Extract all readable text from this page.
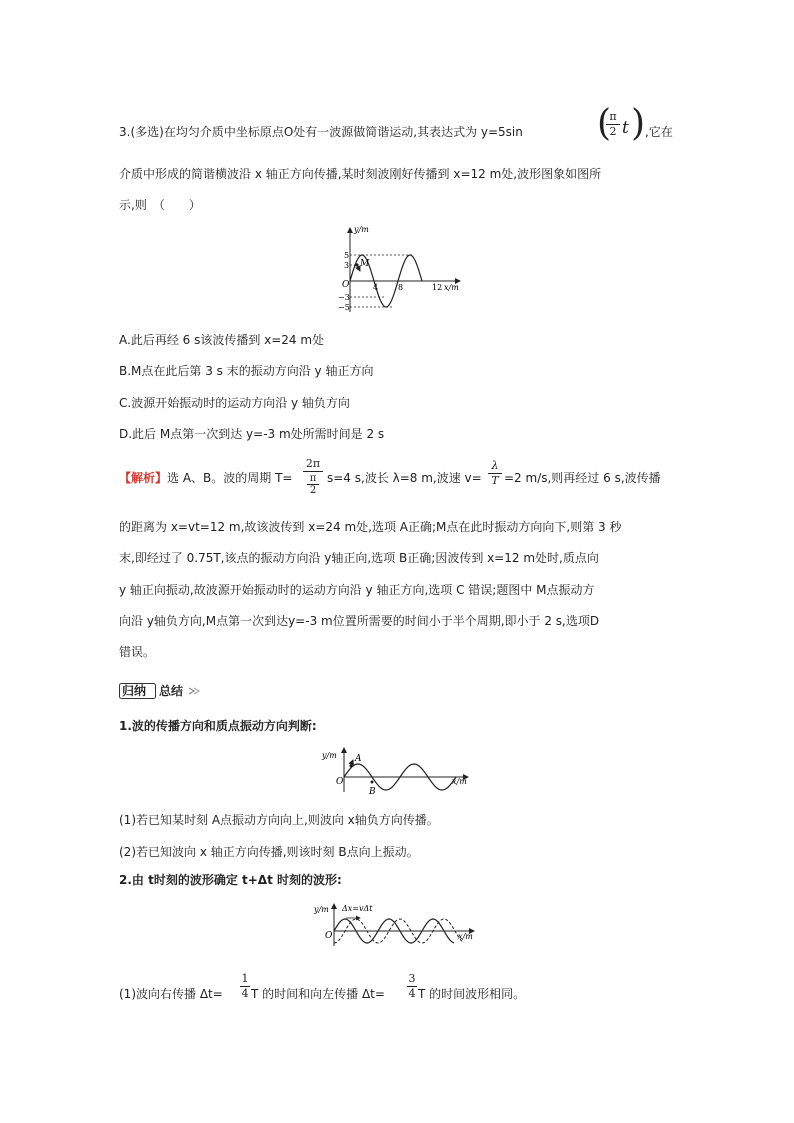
3.(多选)在均匀介质中坐标原点O处有一波源做简谐运动,其表达式为 y=5sin (
π
2 t ) ,它在
介质中形成的简谐横波沿 x 轴正方向传播,某时刻波刚好传播到 x=12 m处,波形图象如图所
示,则　（　　）
y/m
x/m
O
M
5
3
−3
−5
4 8	12
A.此后再经 6 s该波传播到 x=24 m处
B.M点在此后第 3 s 末的振动方向沿 y 轴正方向
C.波源开始振动时的运动方向沿 y 轴负方向
D.此后 M点第一次到达 y=-3 m处所需时间是 2 s
【解析】选 A、B。波的周期 T=
2π
π
2
s=4 s,波长 λ=8 m,波速 v=
λ
T =2 m/s,则再经过 6 s,波传播
的距离为 x=vt=12 m,故该波传到 x=24 m处,选项 A正确;M点在此时振动方向向下,则第 3 秒
末,即经过了 0.75T,该点的振动方向沿 y轴正向,选项 B正确;因波传到 x=12 m处时,质点向
y 轴正向振动,故波源开始振动时的运动方向沿 y 轴正方向,选项 C 错误;题图中 M点振动方
向沿 y轴负方向,M点第一次到达y=-3 m位置所需要的时间小于半个周期,即小于 2 s,选项D
错误。
归纳 总结
1.波的传播方向和质点振动方向判断:
y/m
x/m
O
A
B
(1)若已知某时刻 A点振动方向向上,则波向 x轴负方向传播。
(2)若已知波向 x 轴正方向传播,则该时刻 B点向上振动。
2.由 t时刻的波形确定 t+Δt 时刻的波形:
y/m
x/m
O
Δx=vΔt
(1)波向右传播 Δt=
1
4 T 的时间和向左传播 Δt=
3
4 T 的时间波形相同。
